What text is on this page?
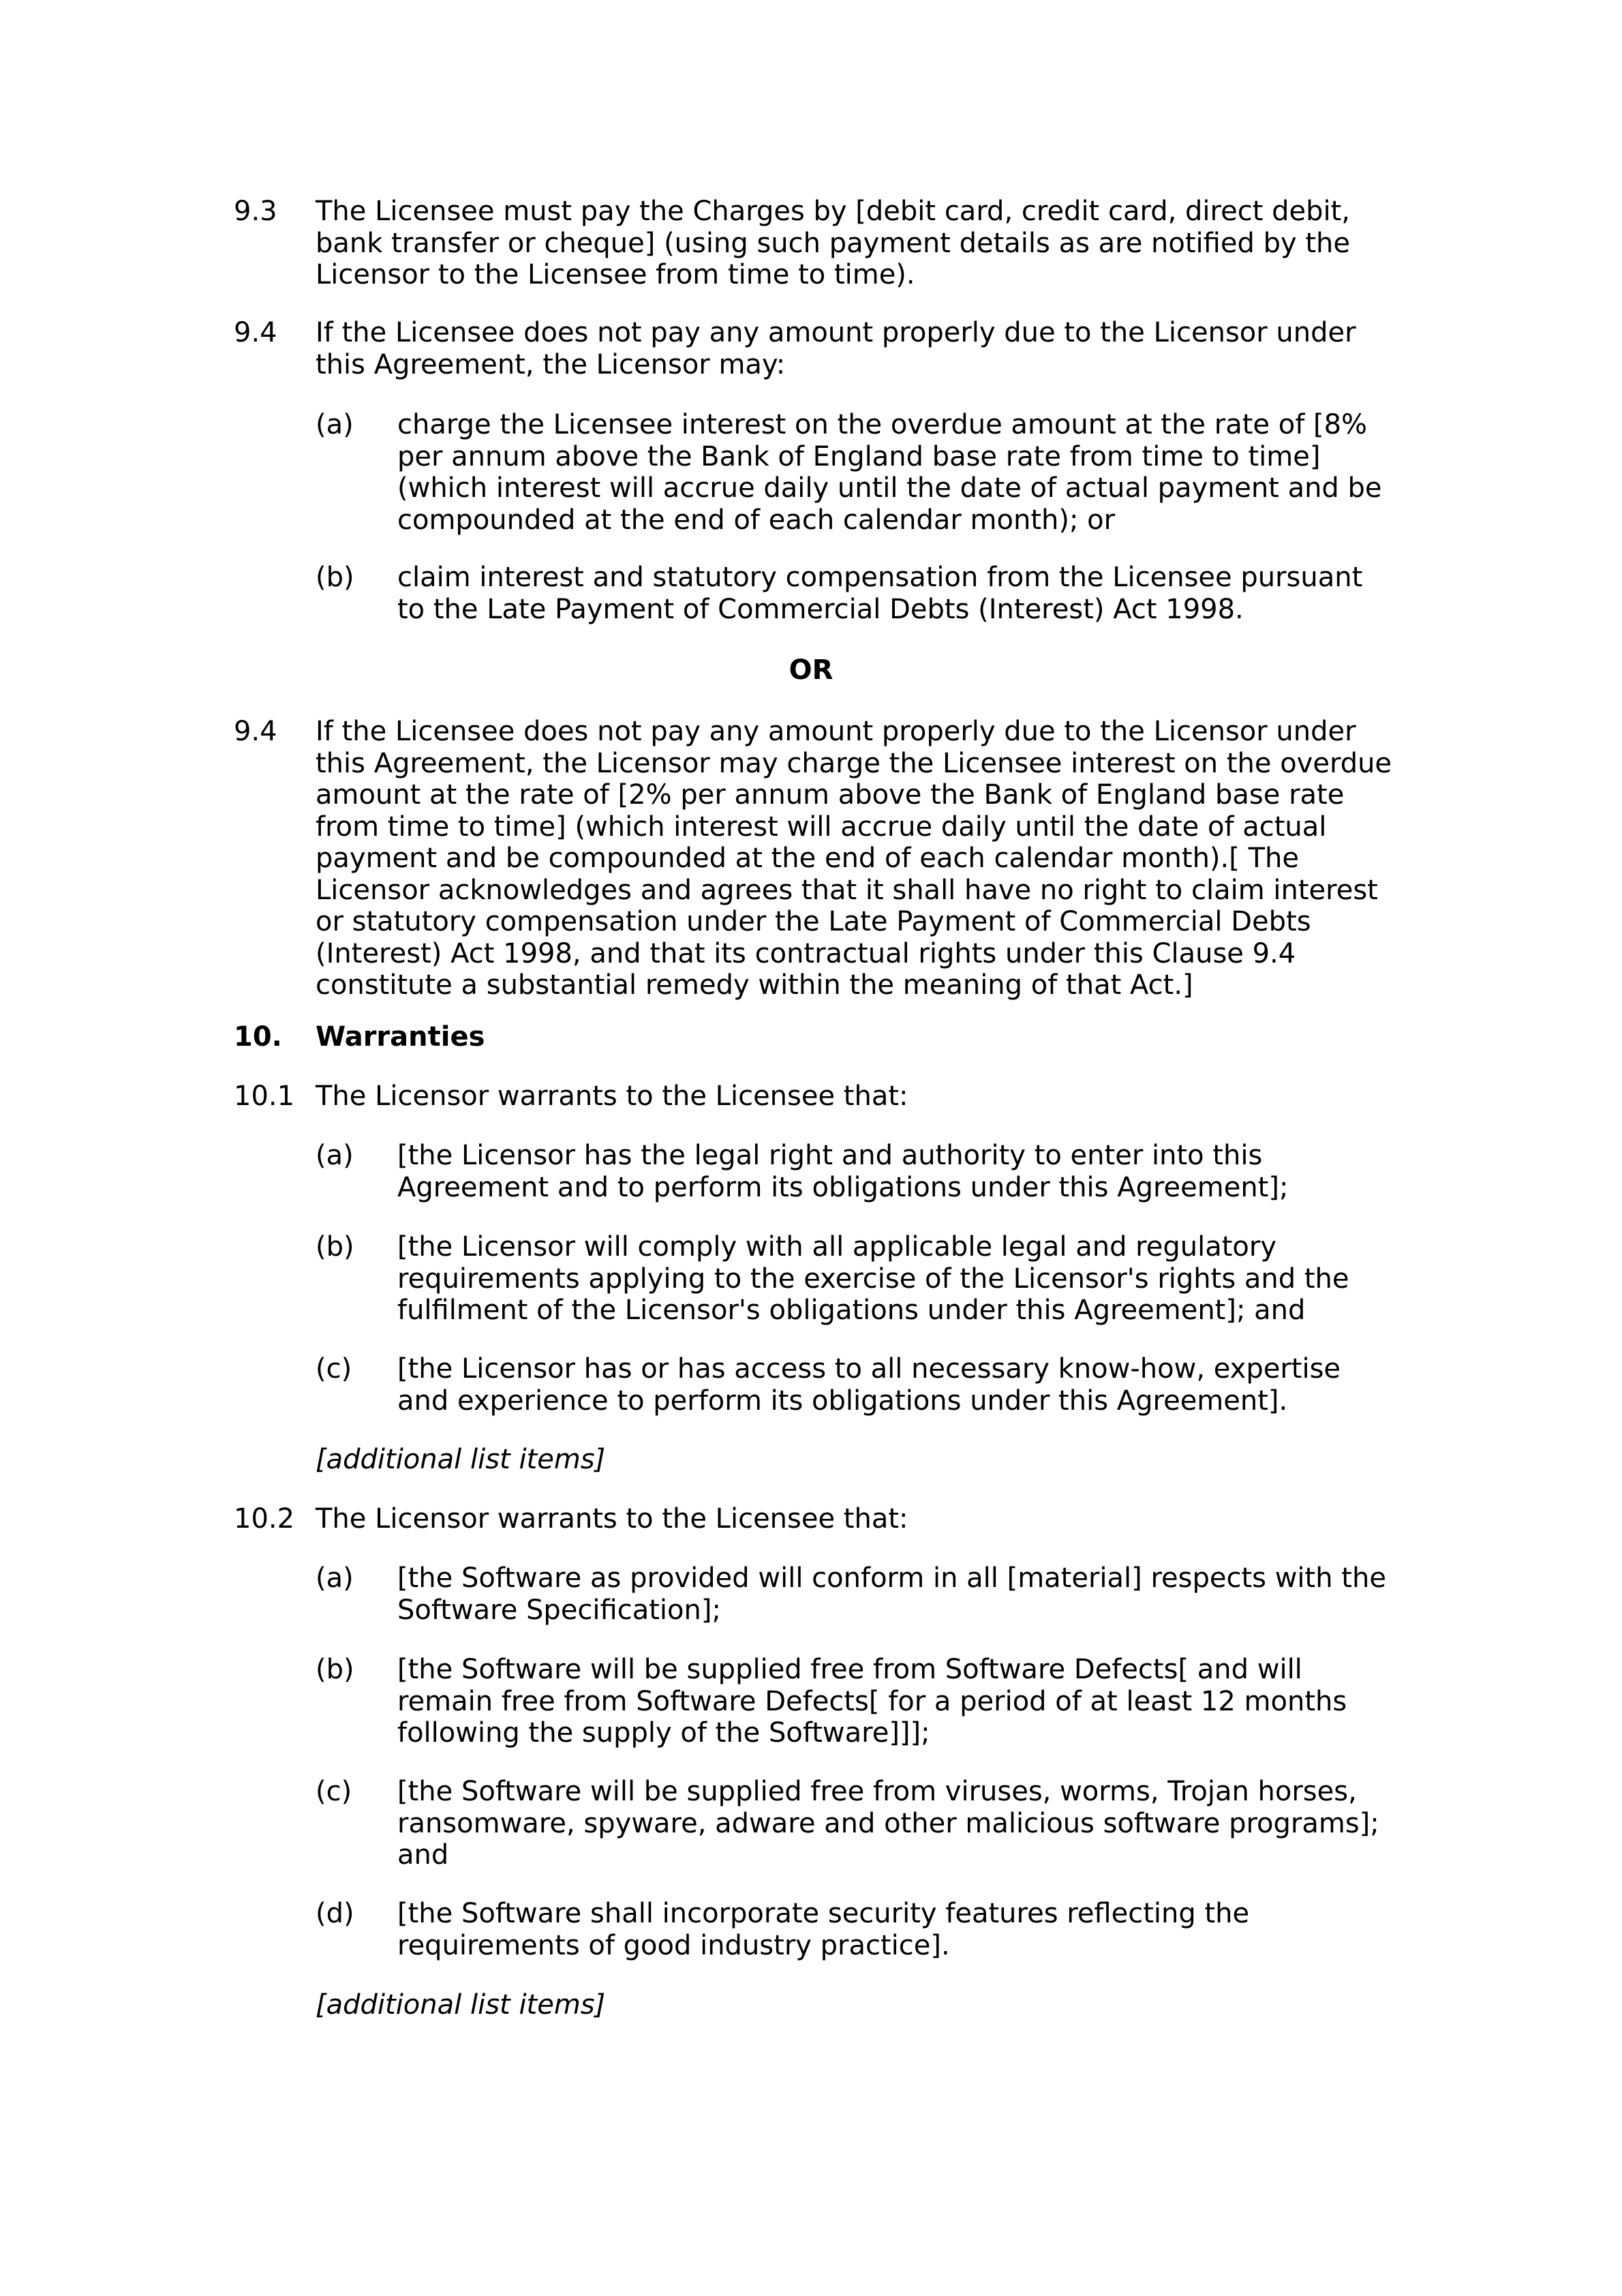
9.3 The Licensee must pay the Charges by [debit card, credit card, direct debit,
bank transfer or cheque] (using such payment details as are notified by the
Licensor to the Licensee from time to time).
9.4 If the Licensee does not pay any amount properly due to the Licensor under
this Agreement, the Licensor may:
(a) charge the Licensee interest on the overdue amount at the rate of [8%
per annum above the Bank of England base rate from time to time]
(which interest will accrue daily until the date of actual payment and be
compounded at the end of each calendar month); or
(b) claim interest and statutory compensation from the Licensee pursuant
to the Late Payment of Commercial Debts (Interest) Act 1998.
OR
9.4 If the Licensee does not pay any amount properly due to the Licensor under
this Agreement, the Licensor may charge the Licensee interest on the overdue
amount at the rate of [2% per annum above the Bank of England base rate
from time to time] (which interest will accrue daily until the date of actual
payment and be compounded at the end of each calendar month).[ The
Licensor acknowledges and agrees that it shall have no right to claim interest
or statutory compensation under the Late Payment of Commercial Debts
(Interest) Act 1998, and that its contractual rights under this Clause 9.4
constitute a substantial remedy within the meaning of that Act.]
10. Warranties
10.1 The Licensor warrants to the Licensee that:
(a) [the Licensor has the legal right and authority to enter into this
Agreement and to perform its obligations under this Agreement];
(b) [the Licensor will comply with all applicable legal and regulatory
requirements applying to the exercise of the Licensor's rights and the
fulfilment of the Licensor's obligations under this Agreement]; and
(c) [the Licensor has or has access to all necessary know-how, expertise
and experience to perform its obligations under this Agreement].
[additional list items]
10.2 The Licensor warrants to the Licensee that:
(a) [the Software as provided will conform in all [material] respects with the
Software Specification];
(b) [the Software will be supplied free from Software Defects[ and will
remain free from Software Defects[ for a period of at least 12 months
following the supply of the Software]]];
(c) [the Software will be supplied free from viruses, worms, Trojan horses,
ransomware, spyware, adware and other malicious software programs];
and
(d) [the Software shall incorporate security features reflecting the
requirements of good industry practice].
[additional list items]
